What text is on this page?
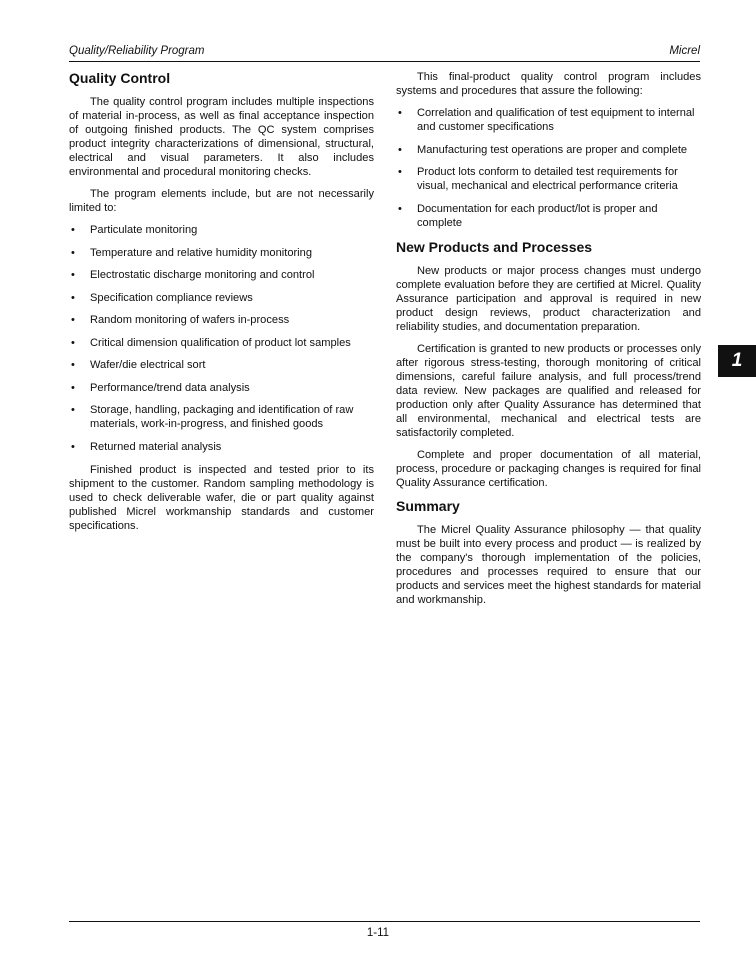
Quality/Reliability Program	Micrel
Quality Control

The quality control program includes multiple inspections of material in-process, as well as final acceptance inspection of outgoing finished products. The QC system comprises product integrity characterizations of dimensional, structural, electrical and visual parameters. It also includes environmental and procedural monitoring checks.

The program elements include, but are not necessarily limited to:

• Particulate monitoring
• Temperature and relative humidity monitoring
• Electrostatic discharge monitoring and control
• Specification compliance reviews
• Random monitoring of wafers in-process
• Critical dimension qualification of product lot samples
• Wafer/die electrical sort
• Performance/trend data analysis
• Storage, handling, packaging and identification of raw materials, work-in-progress, and finished goods
• Returned material analysis

Finished product is inspected and tested prior to its shipment to the customer. Random sampling methodology is used to check deliverable wafer, die or part quality against published Micrel workmanship standards and customer specifications.

This final-product quality control program includes systems and procedures that assure the following:

• Correlation and qualification of test equipment to internal and customer specifications
• Manufacturing test operations are proper and complete
• Product lots conform to detailed test requirements for visual, mechanical and electrical performance criteria
• Documentation for each product/lot is proper and complete
New Products and Processes

New products or major process changes must undergo complete evaluation before they are certified at Micrel. Quality Assurance participation and approval is required in new product design reviews, product characterization and reliability studies, and documentation preparation.

Certification is granted to new products or processes only after rigorous stress-testing, thorough monitoring of critical dimensions, careful failure analysis, and full process/trend data review. New packages are qualified and released for production only after Quality Assurance has determined that all environmental, mechanical and electrical tests are satisfactorily completed.

Complete and proper documentation of all material, process, procedure or packaging changes is required for final Quality Assurance certification.

Summary

The Micrel Quality Assurance philosophy — that quality must be built into every process and product — is realized by the company's thorough implementation of the policies, procedures and processes required to ensure that our products and services meet the highest standards for material and workmanship.

1
1-11
